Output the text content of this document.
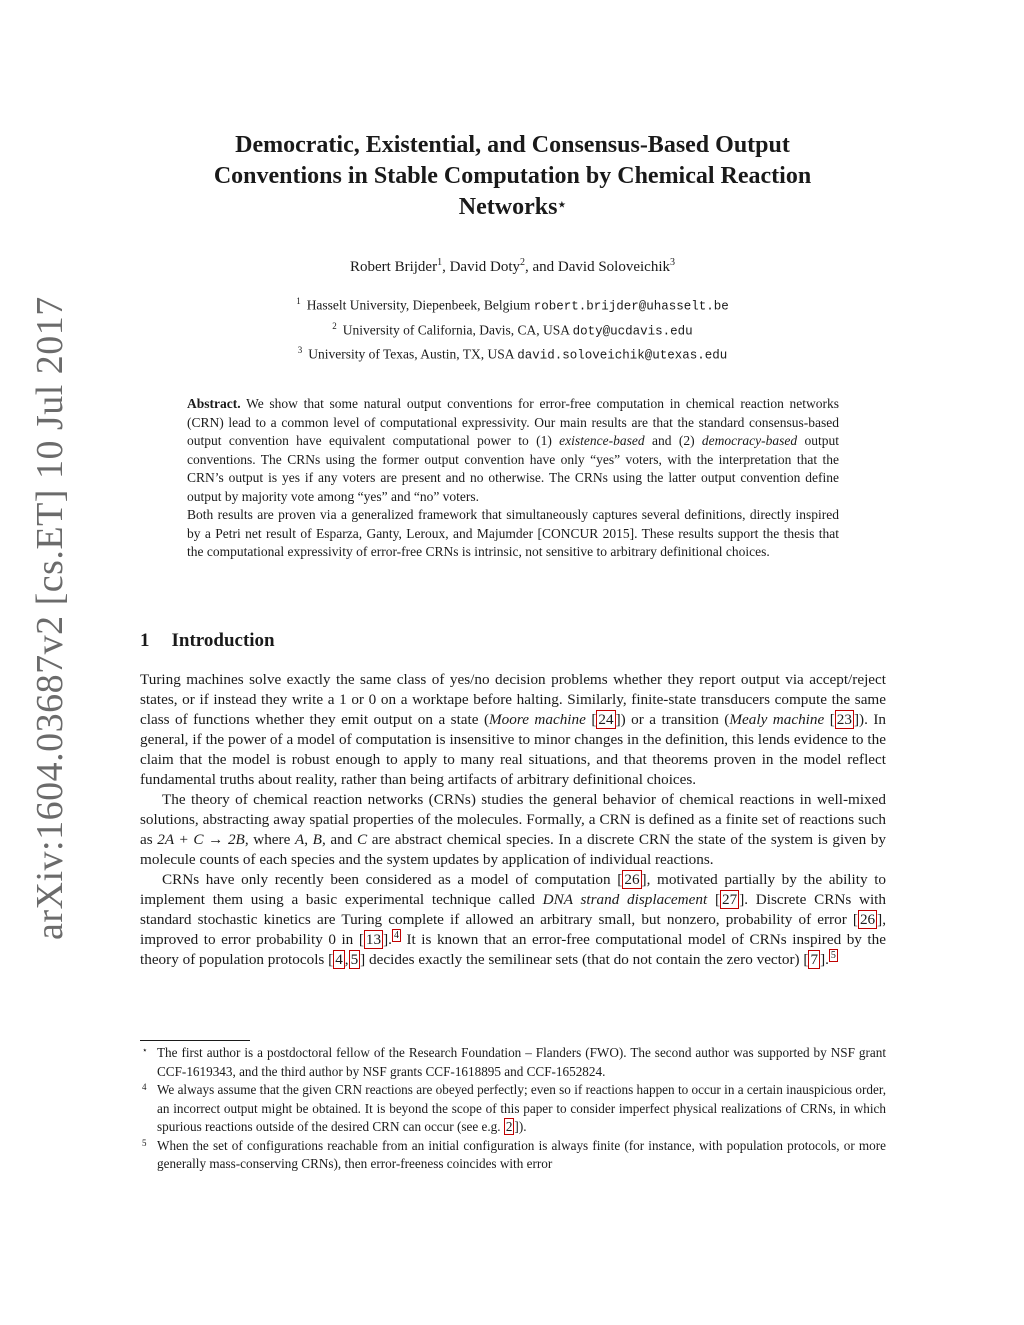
arXiv:1604.03687v2 [cs.ET] 10 Jul 2017
Democratic, Existential, and Consensus-Based Output
Conventions in Stable Computation by Chemical Reaction
Networks⋆
Robert Brijder$^1$, David Doty$^2$, and David Soloveichik$^3$
$^1$ Hasselt University, Diepenbeek, Belgium robert.brijder@uhasselt.be
$^2$ University of California, Davis, CA, USA doty@ucdavis.edu
$^3$ University of Texas, Austin, TX, USA david.soloveichik@utexas.edu

Abstract. We show that some natural output conventions for error-free computation in chemical reaction networks (CRN) lead to a common level of computational expressivity. Our main results are that the standard consensus-based output convention have equivalent computational power to (1) existence-based and (2) democracy-based output conventions. The CRNs using the former output convention have only “yes” voters, with the interpretation that the CRN’s output is yes if any voters are present and no otherwise. The CRNs using the latter output convention define output by majority vote among “yes” and “no” voters.

Both results are proven via a generalized framework that simultaneously captures several definitions, directly inspired by a Petri net result of Esparza, Ganty, Leroux, and Majumder [CONCUR 2015]. These results support the thesis that the computational expressivity of error-free CRNs is intrinsic, not sensitive to arbitrary definitional choices.

1 Introduction

Turing machines solve exactly the same class of yes/no decision problems whether they report output via accept/reject states, or if instead they write a 1 or 0 on a worktape before halting. Similarly, finite-state transducers compute the same class of functions whether they emit output on a state (Moore machine [ 24 ]) or a transition (Mealy machine [ 23 ]). In general, if the power of a model of computation is insensitive to minor changes in the definition, this lends evidence to the claim that the model is robust enough to apply to many real situations, and that theorems proven in the model reflect fundamental truths about reality, rather than being artifacts of arbitrary definitional choices.

The theory of chemical reaction networks (CRNs) studies the general behavior of chemical reactions in well-mixed solutions, abstracting away spatial properties of the molecules. Formally, a CRN is defined as a finite set of reactions such as 2A + C → 2B, where A, B, and C are abstract chemical species. In a discrete CRN the state of the system is given by molecule counts of each species and the system updates by application of individual reactions.

CRNs have only recently been considered as a model of computation [ 26 ], motivated partially by the ability to implement them using a basic experimental technique called DNA strand displacement [ 27 ]. Discrete CRNs with standard stochastic kinetics are Turing complete if allowed an arbitrary small, but nonzero, probability of error [ 26 ], improved to error probability 0 in [ 13 ]. $^4$ It is known that an error-free computational model of CRNs inspired by the theory of population protocols [ 4 , 5 ] decides exactly the semilinear sets (that do not contain the zero vector) [ 7 ]. $^5$

⋆ The first author is a postdoctoral fellow of the Research Foundation – Flanders (FWO). The second author was supported by NSF grant CCF-1619343, and the third author by NSF grants CCF-1618895 and CCF-1652824.

4 We always assume that the given CRN reactions are obeyed perfectly; even so if reactions happen to occur in a certain inauspicious order, an incorrect output might be obtained. It is beyond the scope of this paper to consider imperfect physical realizations of CRNs, in which spurious reactions outside of the desired CRN can occur (see e.g. 2 ]).

5 When the set of configurations reachable from an initial configuration is always finite (for instance, with population protocols, or more generally mass-conserving CRNs), then error-freeness coincides with error
